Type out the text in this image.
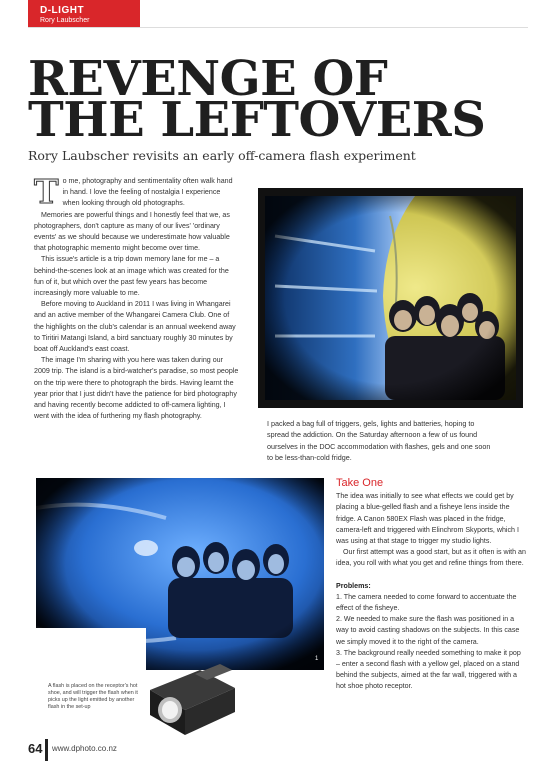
D-LIGHT
Rory Laubscher
REVENGE OF
THE LEFTOVERS
Rory Laubscher revisits an early off-camera flash experiment
T o me, photography and sentimentality often walk hand in hand. I love the feeling of nostalgia I experience when looking through old photographs.

Memories are powerful things and I honestly feel that we, as photographers, don't capture as many of our lives' 'ordinary events' as we should because we underestimate how valuable that photographic memento might become over time.

This issue's article is a trip down memory lane for me – a behind-the-scenes look at an image which was created for the fun of it, but which over the past few years has become increasingly more valuable to me.

Before moving to Auckland in 2011 I was living in Whangarei and an active member of the Whangarei Camera Club. One of the highlights on the club's calendar is an annual weekend away to Tiritiri Matangi Island, a bird sanctuary roughly 30 minutes by boat off Auckland's east coast.

The image I'm sharing with you here was taken during our 2009 trip. The island is a bird-watcher's paradise, so most people on the trip were there to photograph the birds. Having learnt the year prior that I just didn't have the patience for bird photography and having recently become addicted to off-camera lighting, I went with the idea of furthering my flash photography.

I packed a bag full of triggers, gels, lights and batteries, hoping to spread the addiction. On the Saturday afternoon a few of us found ourselves in the DOC accommodation with flashes, gels and one soon to be less-than-cold fridge.
1
A flash is placed on the receptor's hot shoe, and will trigger the flash when it picks up the light emitted by another flash in the set-up
Take One

The idea was initially to see what effects we could get by placing a blue-gelled flash and a fisheye lens inside the fridge. A Canon 580EX Flash was placed in the fridge, camera-left and triggered with Elinchrom Skyports, which I was using at that stage to trigger my studio lights.

Our first attempt was a good start, but as it often is with an idea, you roll with what you get and refine things from there.

Problems:

1. The camera needed to come forward to accentuate the effect of the fisheye.

2. We needed to make sure the flash was positioned in a way to avoid casting shadows on the subjects. In this case we simply moved it to the right of the camera.

3. The background really needed something to make it pop – enter a second flash with a yellow gel, placed on a stand behind the subjects, aimed at the far wall, triggered with a hot shoe photo receptor.

64 www.dphoto.co.nz
